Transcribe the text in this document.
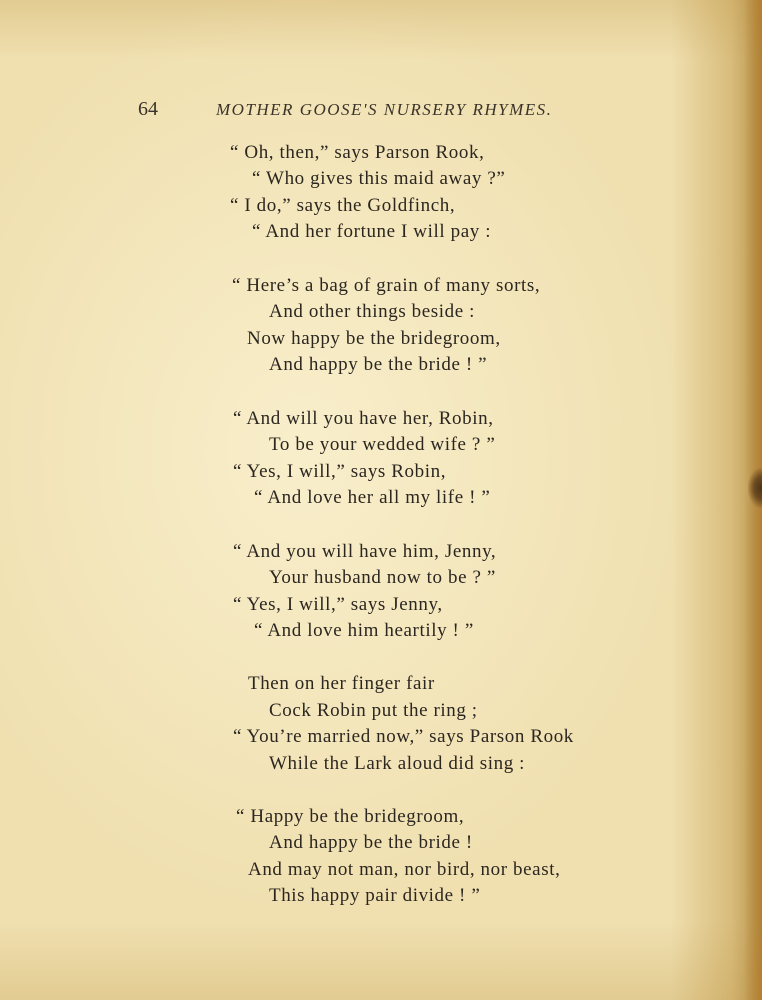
64	MOTHER GOOSE'S NURSERY RHYMES.
“ Oh, then,” says Parson Rook,
“ Who gives this maid away ?”
“ I do,” says the Goldfinch,
“ And her fortune I will pay :
“ Here’s a bag of grain of many sorts,
And other things beside :
Now happy be the bridegroom,
And happy be the bride ! ”
“ And will you have her, Robin,
To be your wedded wife ? ”
“ Yes, I will,” says Robin,
“ And love her all my life ! ”
“ And you will have him, Jenny,
Your husband now to be ? ”
“ Yes, I will,” says Jenny,
“ And love him heartily ! ”
Then on her finger fair
Cock Robin put the ring ;
“ You’re married now,” says Parson Rook
While the Lark aloud did sing :
“ Happy be the bridegroom,
And happy be the bride !
And may not man, nor bird, nor beast,
This happy pair divide ! ”
